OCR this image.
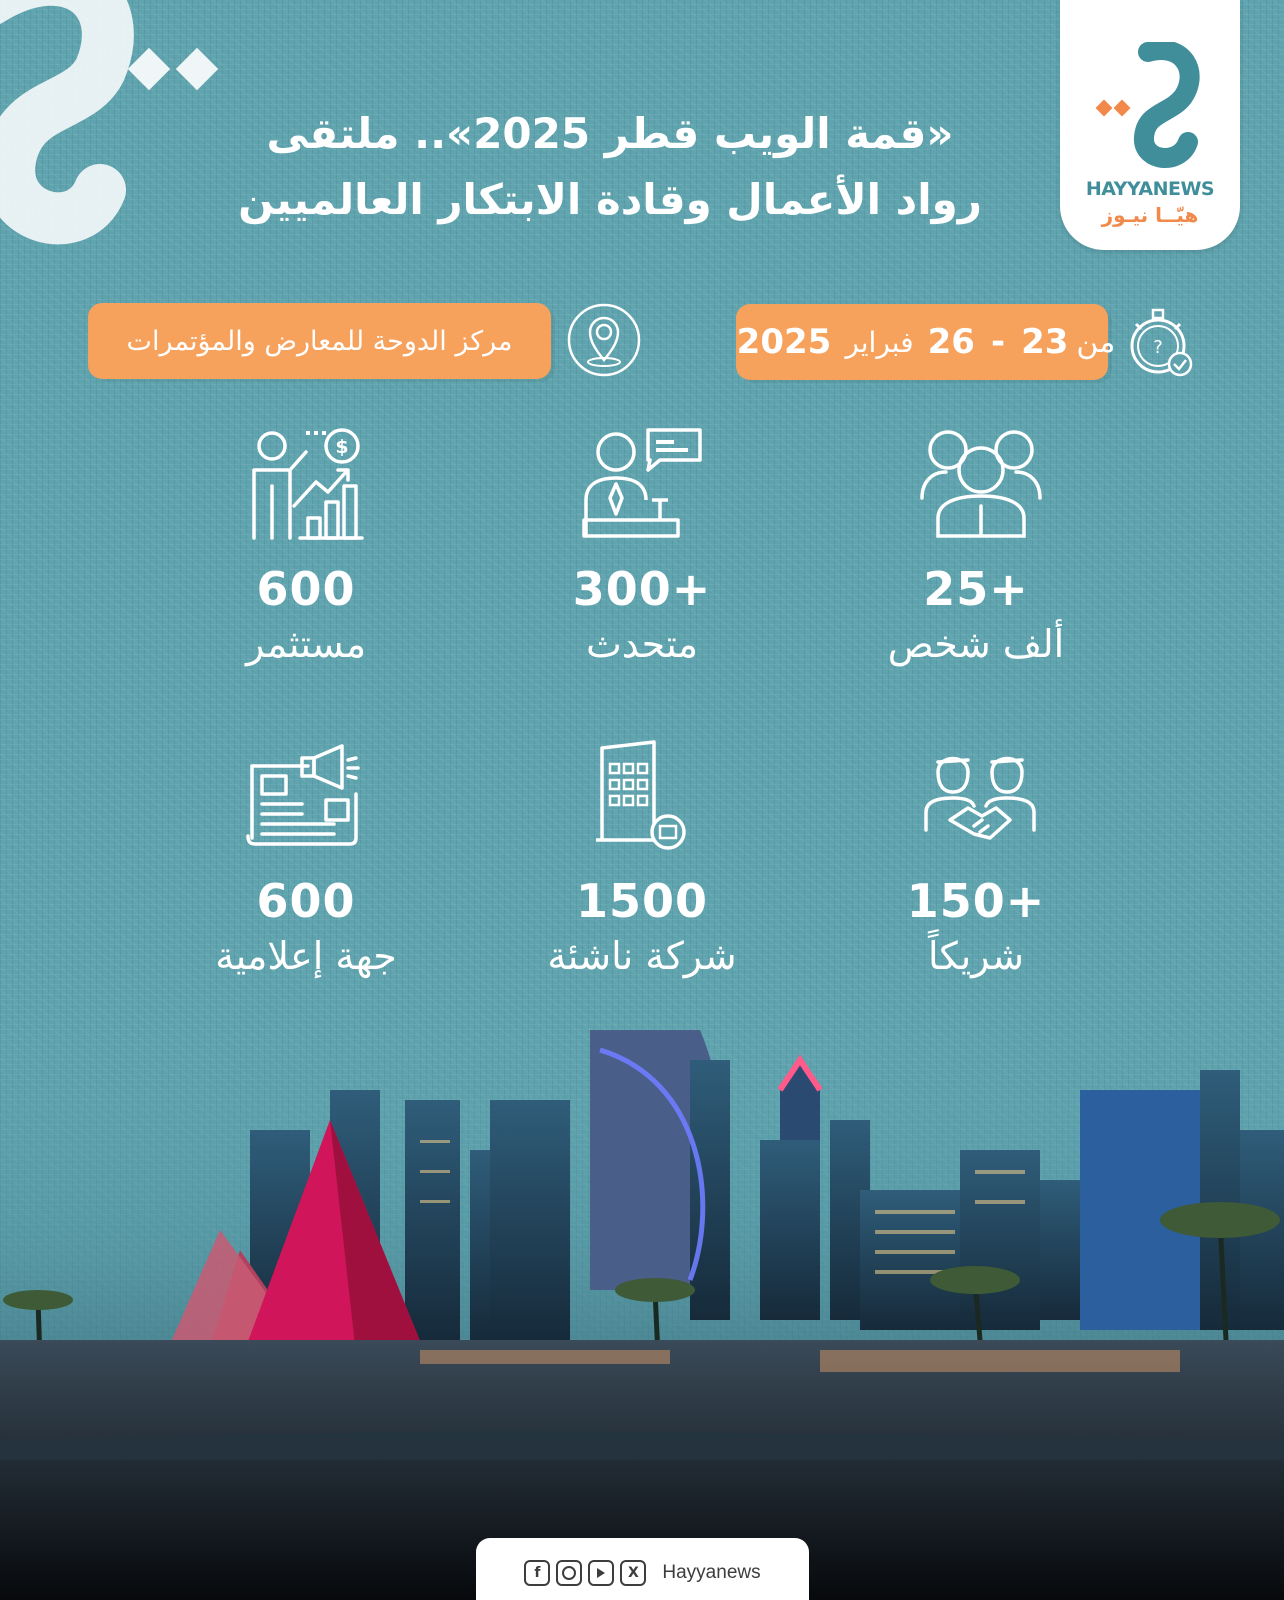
HAYYANEWS
هيّــا نيـوز
«قمة الويب قطر 2025».. ملتقى
رواد الأعمال وقادة الابتكار العالميين
?
من
23
-
26
فبراير
2025
مركز الدوحة للمعارض والمؤتمرات
$
25+
ألف شخص
300+
متحدث
600
مستثمر
150+
شريكاً
1500
شركة ناشئة
600
جهة إعلامية
f	X	Hayyanews
